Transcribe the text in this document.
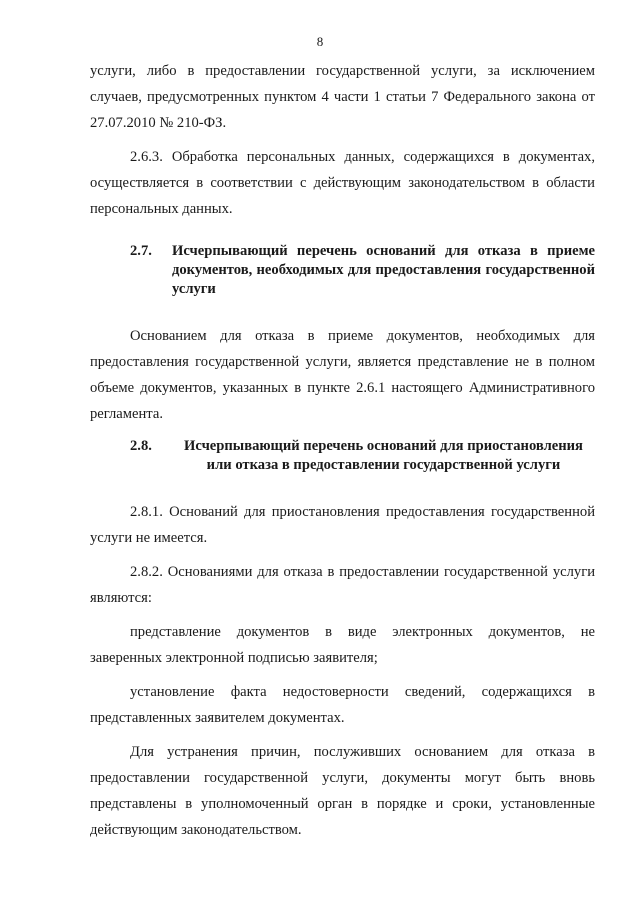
8

услуги, либо в предоставлении государственной услуги, за исключением случаев, предусмотренных пунктом 4 части 1 статьи 7 Федерального закона от 27.07.2010 № 210-ФЗ.

2.6.3. Обработка персональных данных, содержащихся в документах, осуществляется в соответствии с действующим законодательством в области персональных данных.

2.7.	Исчерпывающий перечень оснований для отказа в приеме документов, необходимых для предоставления государственной услуги

Основанием для отказа в приеме документов, необходимых для предоставления государственной услуги, является представление не в полном объеме документов, указанных в пункте 2.6.1 настоящего Административного регламента.

2.8.	Исчерпывающий перечень оснований для приостановления или отказа в предоставлении государственной услуги

2.8.1. Оснований для приостановления предоставления государственной услуги не имеется.

2.8.2. Основаниями для отказа в предоставлении государственной услуги являются:

представление документов в виде электронных документов, не заверенных электронной подписью заявителя;

установление факта недостоверности сведений, содержащихся в представленных заявителем документах.

Для устранения причин, послуживших основанием для отказа в предоставлении государственной услуги, документы могут быть вновь представлены в уполномоченный орган в порядке и сроки, установленные действующим законодательством.
